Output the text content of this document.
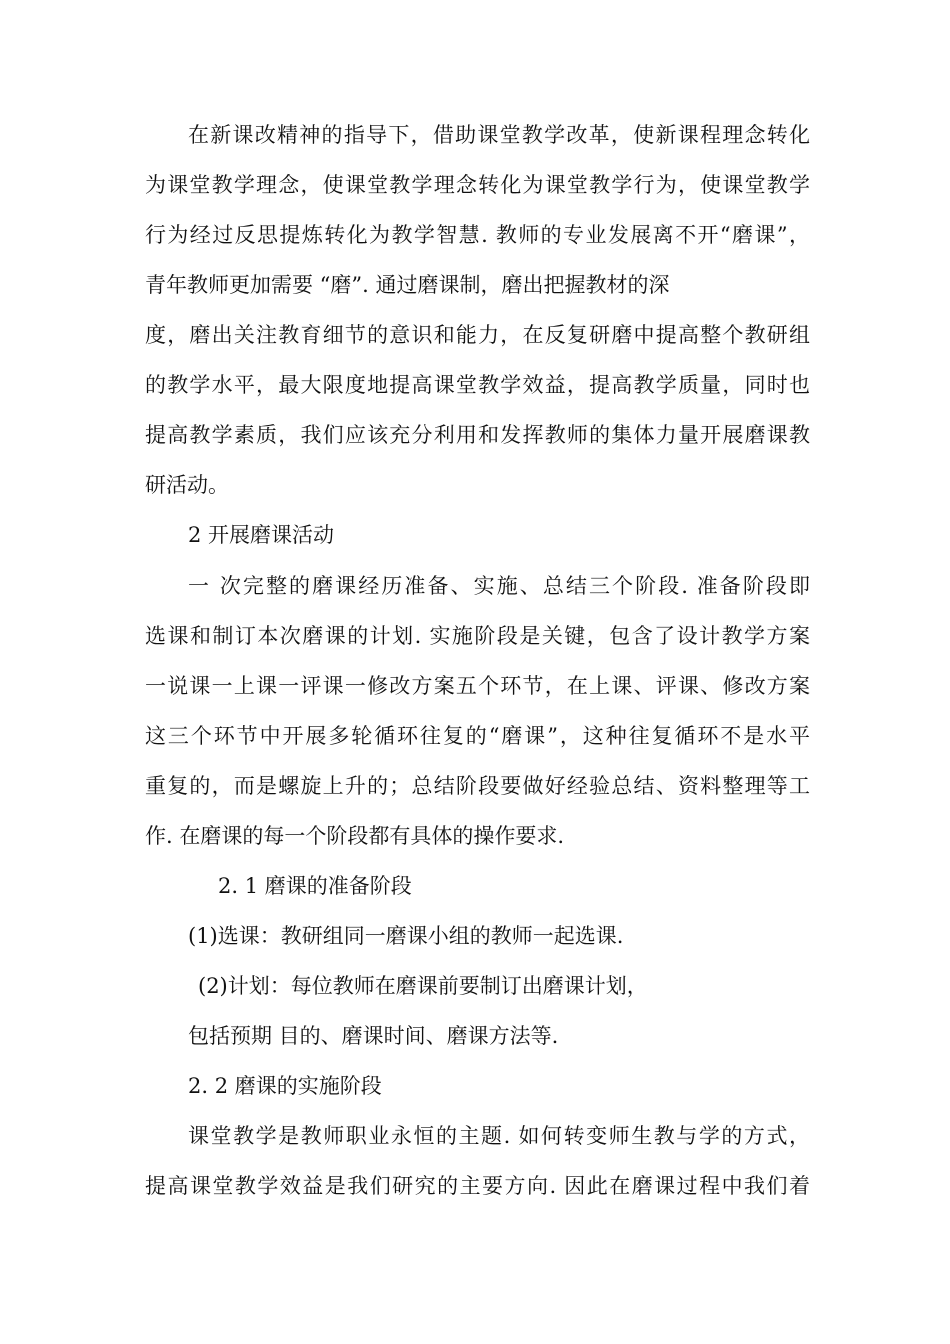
在新课改精神的指导下，借助课堂教学改革，使新课程理念转化
为课堂教学理念，使课堂教学理念转化为课堂教学行为，使课堂教学
行为经过反思提炼转化为教学智慧. 教师的专业发展离不开“磨课”，
青年教师更加需要 “磨”. 通过磨课制，磨出把握教材的深
度，磨出关注教育细节的意识和能力，在反复研磨中提高整个教研组
的教学水平，最大限度地提高课堂教学效益，提高教学质量，同时也
提高教学素质，我们应该充分利用和发挥教师的集体力量开展磨课教
研活动。
2 开展磨课活动
一 次完整的磨课经历准备、实施、总结三个阶段. 准备阶段即
选课和制订本次磨课的计划. 实施阶段是关键，包含了设计教学方案
一说课一上课一评课一修改方案五个环节，在上课、评课、修改方案
这三个环节中开展多轮循环往复的“磨课”，这种往复循环不是水平
重复的，而是螺旋上升的；总结阶段要做好经验总结、资料整理等工
作. 在磨课的每一个阶段都有具体的操作要求.
2. 1 磨课的准备阶段
(1)选课：教研组同一磨课小组的教师一起选课.
(2)计划：每位教师在磨课前要制订出磨课计划，
包括预期 目的、磨课时间、磨课方法等.
2. 2 磨课的实施阶段
课堂教学是教师职业永恒的主题. 如何转变师生教与学的方式，
提高课堂教学效益是我们研究的主要方向. 因此在磨课过程中我们着
